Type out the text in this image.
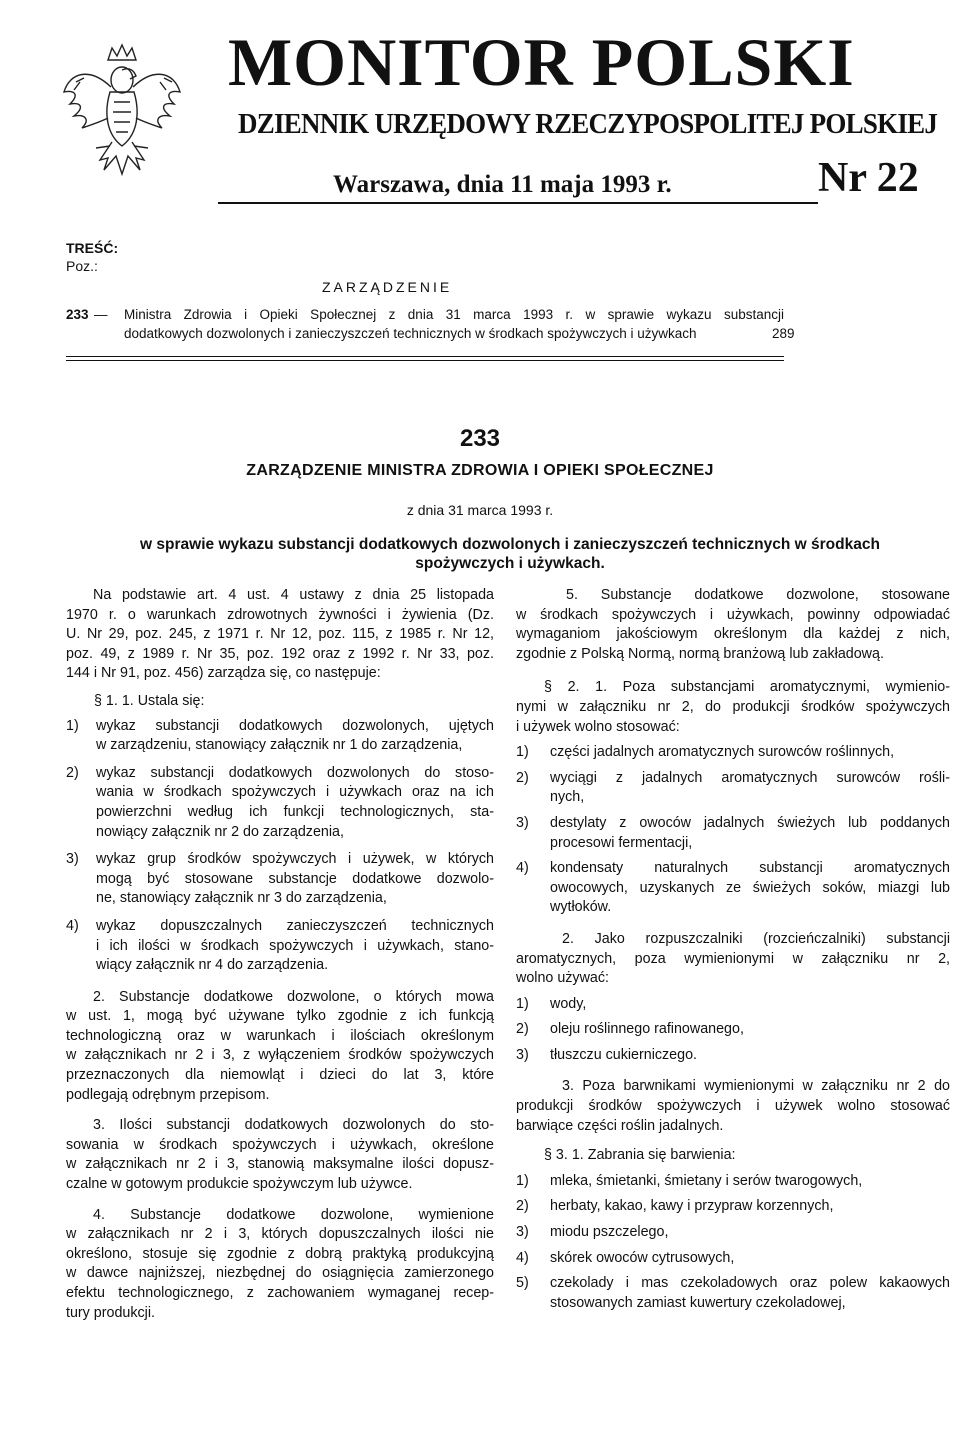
MONITOR POLSKI
DZIENNIK URZĘDOWY RZECZYPOSPOLITEJ POLSKIEJ
Warszawa, dnia 11 maja 1993 r.	Nr 22
TREŚĆ:
Poz.:
ZARZĄDZENIE
233 — Ministra Zdrowia i Opieki Społecznej z dnia 31 marca 1993 r. w sprawie wykazu substancji
dodatkowych dozwolonych i zanieczyszczeń technicznych w środkach spożywczych i używkach	289
233
ZARZĄDZENIE MINISTRA ZDROWIA I OPIEKI SPOŁECZNEJ
z dnia 31 marca 1993 r.
w sprawie wykazu substancji dodatkowych dozwolonych i zanieczyszczeń technicznych w środkach
spożywczych i używkach.
Na podstawie art. 4 ust. 4 ustawy z dnia 25 listopada
1970 r. o warunkach zdrowotnych żywności i żywienia (Dz.
U. Nr 29, poz. 245, z 1971 r. Nr 12, poz. 115, z 1985 r. Nr 12,
poz. 49, z 1989 r. Nr 35, poz. 192 oraz z 1992 r. Nr 33, poz.
144 i Nr 91, poz. 456) zarządza się, co następuje:
§ 1. 1. Ustala się:
1) wykaz substancji dodatkowych dozwolonych, ujętych
w zarządzeniu, stanowiący załącznik nr 1 do zarządzenia,
2) wykaz substancji dodatkowych dozwolonych do stoso-
wania w środkach spożywczych i używkach oraz na ich
powierzchni według ich funkcji technologicznych, sta-
nowiący załącznik nr 2 do zarządzenia,
3) wykaz grup środków spożywczych i używek, w których
mogą być stosowane substancje dodatkowe dozwolo-
ne, stanowiący załącznik nr 3 do zarządzenia,
4) wykaz dopuszczalnych zanieczyszczeń technicznych
i ich ilości w środkach spożywczych i używkach, stano-
wiący załącznik nr 4 do zarządzenia.
2. Substancje dodatkowe dozwolone, o których mowa
w ust. 1, mogą być używane tylko zgodnie z ich funkcją
technologiczną oraz w warunkach i ilościach określonym
w załącznikach nr 2 i 3, z wyłączeniem środków spożywczych
przeznaczonych dla niemowląt i dzieci do lat 3, które
podlegają odrębnym przepisom.
3. Ilości substancji dodatkowych dozwolonych do sto-
sowania w środkach spożywczych i używkach, określone
w załącznikach nr 2 i 3, stanowią maksymalne ilości dopusz-
czalne w gotowym produkcie spożywczym lub używce.
4. Substancje dodatkowe dozwolone, wymienione
w załącznikach nr 2 i 3, których dopuszczalnych ilości nie
określono, stosuje się zgodnie z dobrą praktyką produkcyjną
w dawce najniższej, niezbędnej do osiągnięcia zamierzonego
efektu technologicznego, z zachowaniem wymaganej recep-
tury produkcji.
5. Substancje dodatkowe dozwolone, stosowane
w środkach spożywczych i używkach, powinny odpowiadać
wymaganiom jakościowym określonym dla każdej z nich,
zgodnie z Polską Normą, normą branżową lub zakładową.
§ 2. 1. Poza substancjami aromatycznymi, wymienio-
nymi w załączniku nr 2, do produkcji środków spożywczych
i używek wolno stosować:
1) części jadalnych aromatycznych surowców roślinnych,
2) wyciągi z jadalnych aromatycznych surowców rośli-
nych,
3) destylaty z owoców jadalnych świeżych lub poddanych
procesowi fermentacji,
4) kondensaty naturalnych substancji aromatycznych
owocowych, uzyskanych ze świeżych soków, miazgi lub
wytłoków.
2. Jako rozpuszczalniki (rozcieńczalniki) substancji
aromatycznych, poza wymienionymi w załączniku nr 2,
wolno używać:
1) wody,
2) oleju roślinnego rafinowanego,
3) tłuszczu cukierniczego.
3. Poza barwnikami wymienionymi w załączniku nr 2 do
produkcji środków spożywczych i używek wolno stosować
barwiące części roślin jadalnych.
§ 3. 1. Zabrania się barwienia:
1) mleka, śmietanki, śmietany i serów twarogowych,
2) herbaty, kakao, kawy i przypraw korzennych,
3) miodu pszczelego,
4) skórek owoców cytrusowych,
5) czekolady i mas czekoladowych oraz polew kakaowych
stosowanych zamiast kuwertury czekoladowej,
